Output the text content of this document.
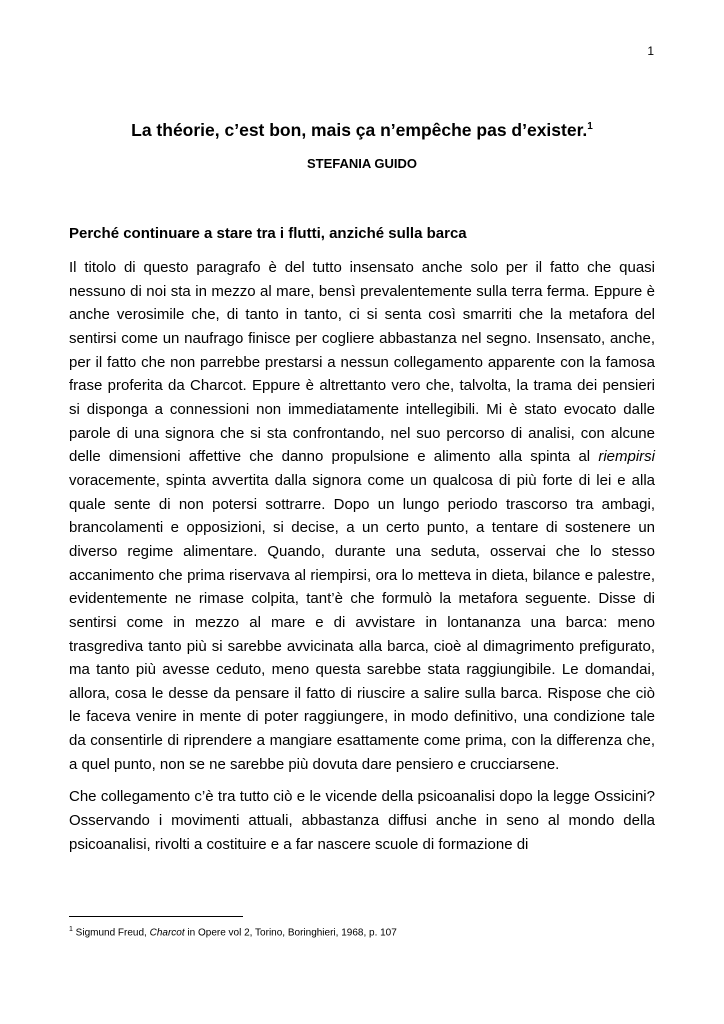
1
La théorie, c’est bon, mais ça n’empêche pas d’exister.$^1$
STEFANIA GUIDO

Perché continuare a stare tra i flutti, anziché sulla barca

Il titolo di questo paragrafo è del tutto insensato anche solo per il fatto che quasi nessuno di noi sta in mezzo al mare, bensì prevalentemente sulla terra ferma. Eppure è anche verosimile che, di tanto in tanto, ci si senta così smarriti che la metafora del sentirsi come un naufrago finisce per cogliere abbastanza nel segno. Insensato, anche, per il fatto che non parrebbe prestarsi a nessun collegamento apparente con la famosa frase proferita da Charcot. Eppure è altrettanto vero che, talvolta, la trama dei pensieri si disponga a connessioni non immediatamente intellegibili. Mi è stato evocato dalle parole di una signora che si sta confrontando, nel suo percorso di analisi, con alcune delle dimensioni affettive che danno propulsione e alimento alla spinta al riempirsi voracemente, spinta avvertita dalla signora come un qualcosa di più forte di lei e alla quale sente di non potersi sottrarre. Dopo un lungo periodo trascorso tra ambagi, brancolamenti e opposizioni, si decise, a un certo punto, a tentare di sostenere un diverso regime alimentare. Quando, durante una seduta, osservai che lo stesso accanimento che prima riservava al riempirsi, ora lo metteva in dieta, bilance e palestre, evidentemente ne rimase colpita, tant’è che formulò la metafora seguente. Disse di sentirsi come in mezzo al mare e di avvistare in lontananza una barca: meno trasgrediva tanto più si sarebbe avvicinata alla barca, cioè al dimagrimento prefigurato, ma tanto più avesse ceduto, meno questa sarebbe stata raggiungibile. Le domandai, allora, cosa le desse da pensare il fatto di riuscire a salire sulla barca. Rispose che ciò le faceva venire in mente di poter raggiungere, in modo definitivo, una condizione tale da consentirle di riprendere a mangiare esattamente come prima, con la differenza che, a quel punto, non se ne sarebbe più dovuta dare pensiero e crucciarsene.

Che collegamento c’è tra tutto ciò e le vicende della psicoanalisi dopo la legge Ossicini? Osservando i movimenti attuali, abbastanza diffusi anche in seno al mondo della psicoanalisi, rivolti a costituire e a far nascere scuole di formazione di

$^1$ Sigmund Freud, Charcot in Opere vol 2, Torino, Boringhieri, 1968, p. 107
